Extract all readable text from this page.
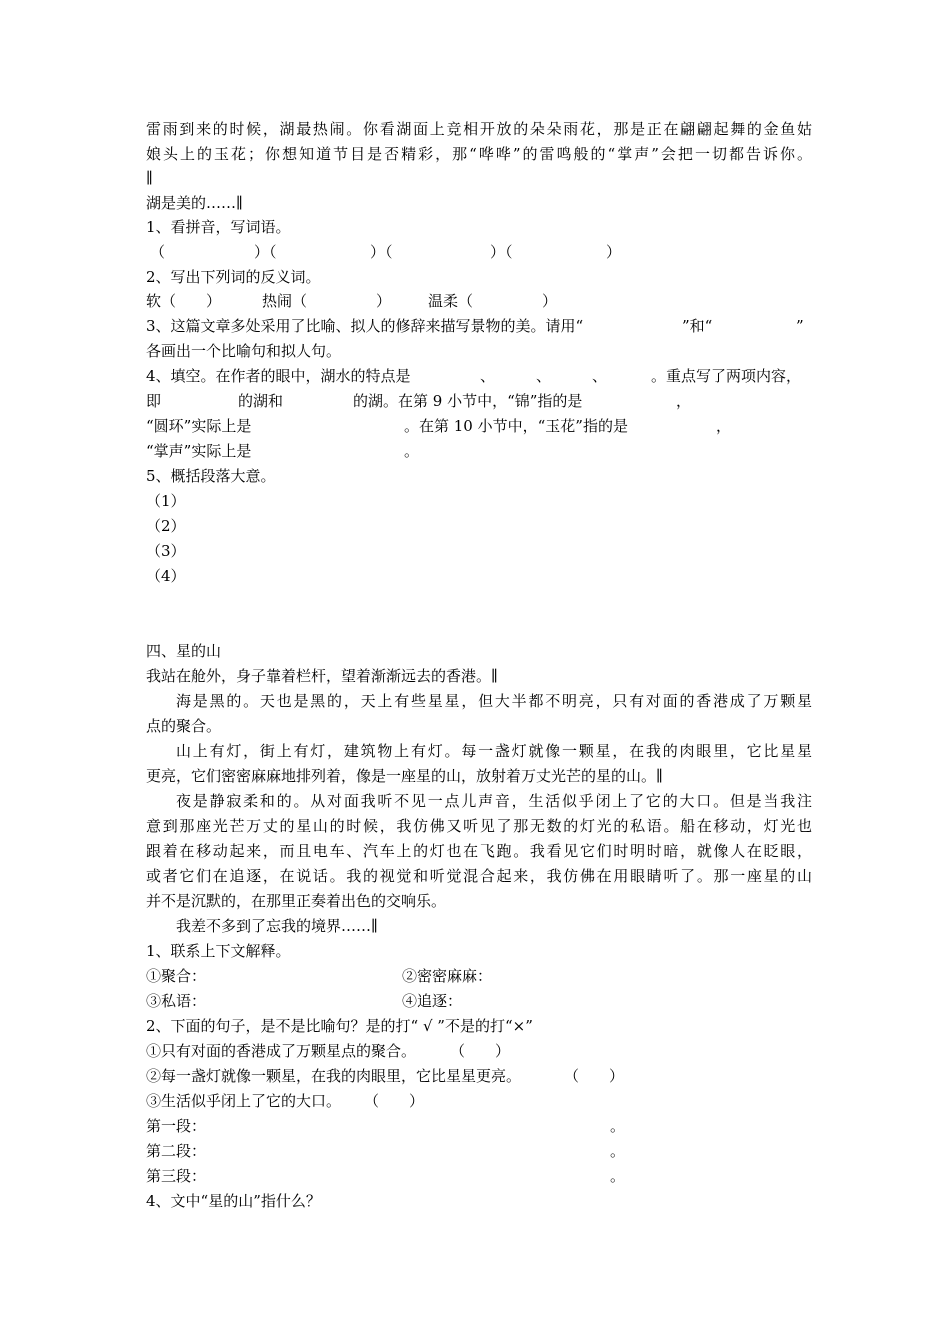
雷雨到来的时候，湖最热闹。你看湖面上竞相开放的朵朵雨花，那是正在翩翩起舞的金鱼姑
娘头上的玉花；你想知道节目是否精彩，那“哗哗”的雷鸣般的“掌声”会把一切都告诉你。
∥
湖是美的……∥
1、看拼音，写词语。
（	）（	）（	）（	）
2、写出下列词的反义词。
软（ ）	热闹（	） 温柔（	）
3、这篇文章多处采用了比喻、拟人的修辞来描写景物的美。请用“	”和“	”
各画出一个比喻句和拟人句。
4、填空。在作者的眼中，湖水的特点是	、	、	、	。重点写了两项内容，
即	的湖和	的湖。在第 9 小节中，“锦”指的是	，
“圆环”实际上是	。在第 10 小节中，“玉花”指的是	，
“掌声”实际上是	。
5、概括段落大意。
（1）
（2）
（3）
（4）
四、星的山
我站在舱外，身子靠着栏杆，望着渐渐远去的香港。∥
海是黑的。天也是黑的，天上有些星星，但大半都不明亮，只有对面的香港成了万颗星
点的聚合。
山上有灯，街上有灯，建筑物上有灯。每一盏灯就像一颗星，在我的肉眼里，它比星星
更亮，它们密密麻麻地排列着，像是一座星的山，放射着万丈光芒的星的山。∥
夜是静寂柔和的。从对面我听不见一点儿声音，生活似乎闭上了它的大口。但是当我注
意到那座光芒万丈的星山的时候，我仿佛又听见了那无数的灯光的私语。船在移动，灯光也
跟着在移动起来，而且电车、汽车上的灯也在飞跑。我看见它们时明时暗，就像人在眨眼，
或者它们在追逐，在说话。我的视觉和听觉混合起来，我仿佛在用眼睛听了。那一座星的山
并不是沉默的，在那里正奏着出色的交响乐。
我差不多到了忘我的境界……∥
1、联系上下文解释。
①聚合：	②密密麻麻：
③私语：	④追逐：
2、下面的句子，是不是比喻句？是的打“ √ ”不是的打“×”
①只有对面的香港成了万颗星点的聚合。 （　　）
②每一盏灯就像一颗星，在我的肉眼里，它比星星更亮。	（　　）
③生活似乎闭上了它的大口。 （　　）
第一段：	。
第二段：	。
第三段：	。
4、文中“星的山”指什么？
